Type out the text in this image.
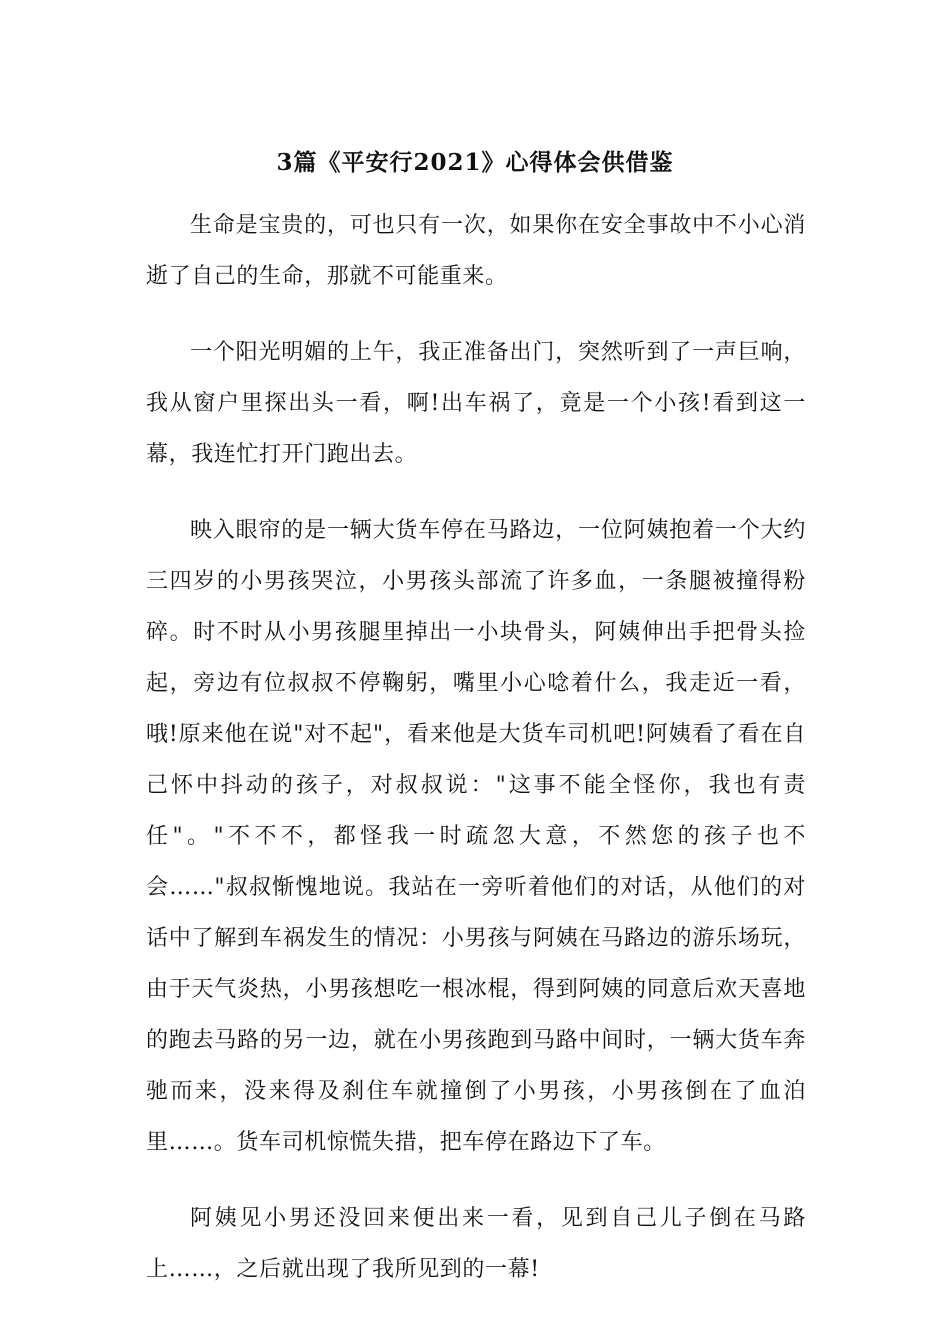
3篇《平安行2021》心得体会供借鉴

生命是宝贵的，可也只有一次，如果你在安全事故中不小心消逝了自己的生命，那就不可能重来。

一个阳光明媚的上午，我正准备出门，突然听到了一声巨响，我从窗户里探出头一看，啊!出车祸了，竟是一个小孩!看到这一幕，我连忙打开门跑出去。

映入眼帘的是一辆大货车停在马路边，一位阿姨抱着一个大约三四岁的小男孩哭泣，小男孩头部流了许多血，一条腿被撞得粉碎。时不时从小男孩腿里掉出一小块骨头，阿姨伸出手把骨头捡起，旁边有位叔叔不停鞠躬，嘴里小心唸着什么，我走近一看，哦!原来他在说"对不起"，看来他是大货车司机吧!阿姨看了看在自己怀中抖动的孩子，对叔叔说："这事不能全怪你，我也有责任"。"不不不，都怪我一时疏忽大意，不然您的孩子也不会……"叔叔惭愧地说。我站在一旁听着他们的对话，从他们的对话中了解到车祸发生的情况：小男孩与阿姨在马路边的游乐场玩，由于天气炎热，小男孩想吃一根冰棍，得到阿姨的同意后欢天喜地的跑去马路的另一边，就在小男孩跑到马路中间时，一辆大货车奔驰而来，没来得及刹住车就撞倒了小男孩，小男孩倒在了血泊里……。货车司机惊慌失措，把车停在路边下了车。

阿姨见小男还没回来便出来一看，见到自己儿子倒在马路上……，之后就出现了我所见到的一幕!
